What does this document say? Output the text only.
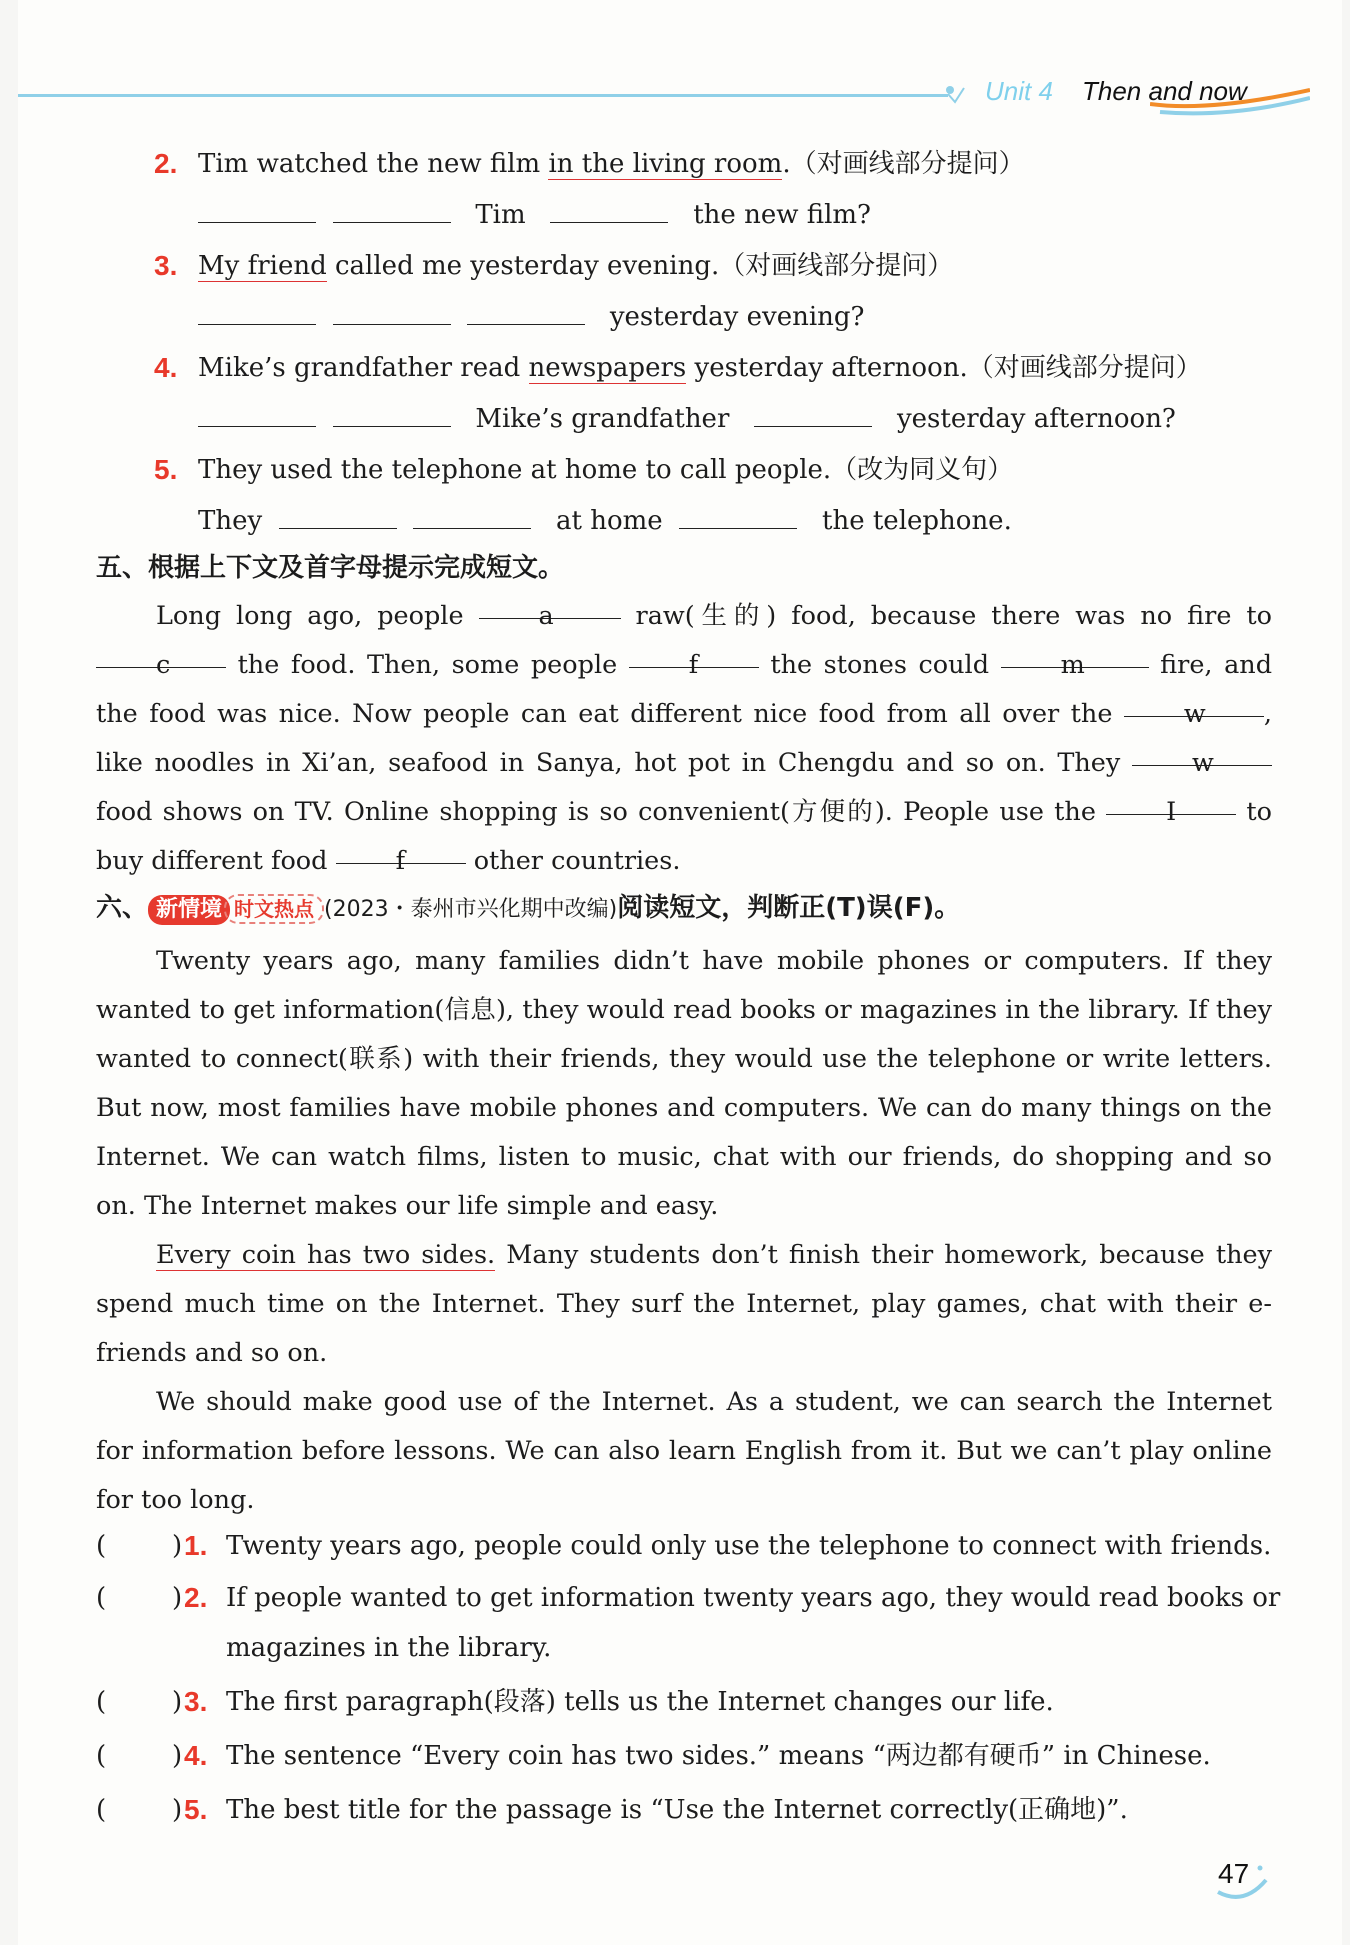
Unit 4 Then and now
2. Tim watched the new film in the living room.（对画线部分提问）
Tim	the new film?
3. My friend called me yesterday evening.（对画线部分提问）
yesterday evening?
4. Mike’s grandfather read newspapers yesterday afternoon.（对画线部分提问）
Mike’s grandfather	yesterday afternoon?
5. They used the telephone at home to call people.（改为同义句）
They	at home	the telephone.
五、根据上下文及首字母提示完成短文。

Long long ago, people	a	raw(生的) food, because there was no fire to c	the food. Then, some people	f	the stones could	m	fire, and the food was nice. Now people can eat different nice food from all over the	w , like noodles in Xi’an, seafood in Sanya, hot pot in Chengdu and so on. They	w food shows on TV. Online shopping is so convenient(方便的). People use the	I	to buy different food	f	other countries.

六、 新情境 时文热点 (2023・泰州市兴化期中改编)阅读短文，判断正(T)误(F)。

Twenty years ago, many families didn’t have mobile phones or computers. If they wanted to get information(信息), they would read books or magazines in the library. If they wanted to connect(联系) with their friends, they would use the telephone or write letters. But now, most families have mobile phones and computers. We can do many things on the Internet. We can watch films, listen to music, chat with our friends, do shopping and so on. The Internet makes our life simple and easy.

Every coin has two sides. Many students don’t finish their homework, because they spend much time on the Internet. They surf the Internet, play games, chat with their e-friends and so on.

We should make good use of the Internet. As a student, we can search the Internet for information before lessons. We can also learn English from it. But we can’t play online for too long.

(	) 1. Twenty years ago, people could only use the telephone to connect with friends.
(	) 2. If people wanted to get information twenty years ago, they would read books or
magazines in the library.
(	) 3. The first paragraph(段落) tells us the Internet changes our life.
(	) 4. The sentence “Every coin has two sides.” means “两边都有硬币” in Chinese.
(	) 5. The best title for the passage is “Use the Internet correctly(正确地)”.
47
